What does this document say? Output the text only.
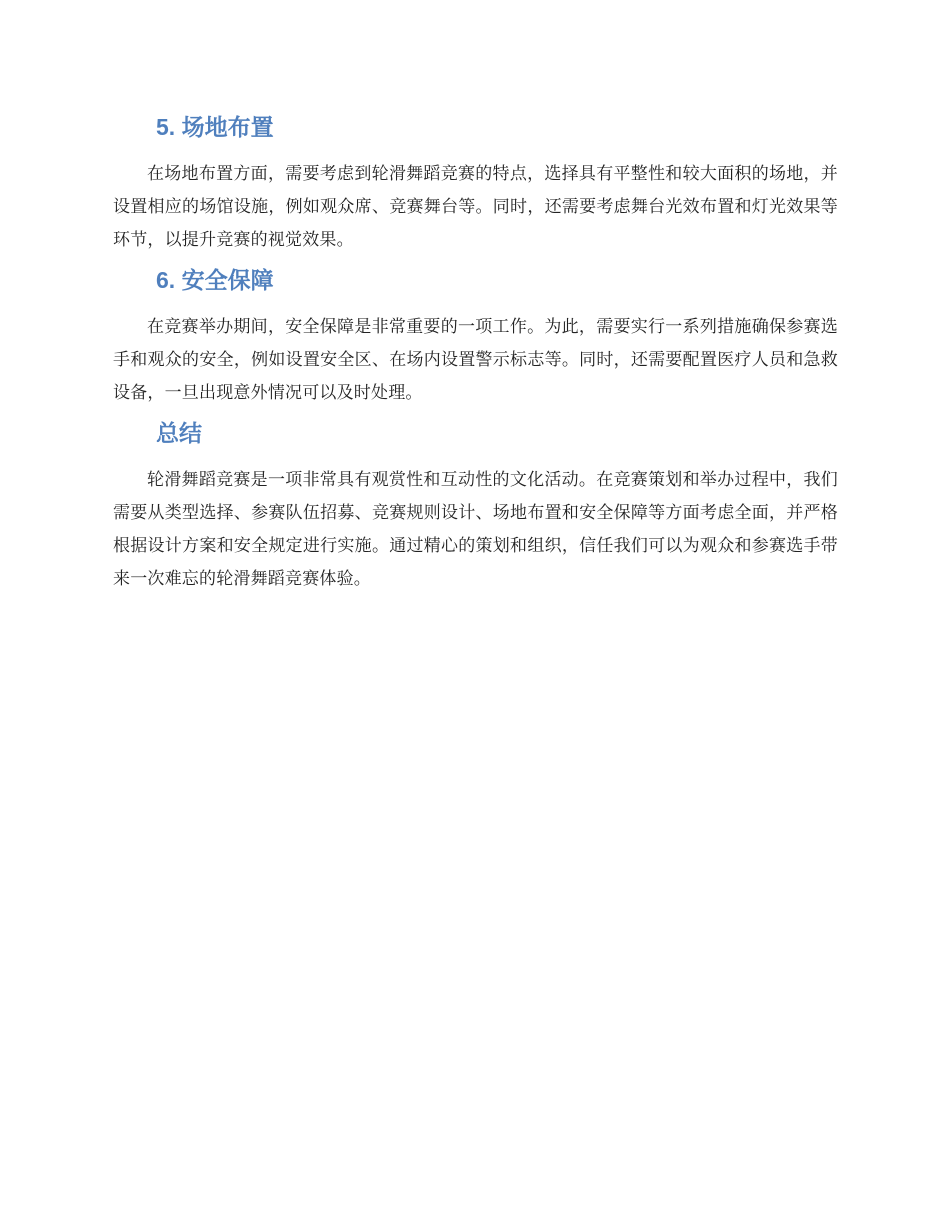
5. 场地布置

在场地布置方面，需要考虑到轮滑舞蹈竞赛的特点，选择具有平整性和较大面积的场地，并设置相应的场馆设施，例如观众席、竞赛舞台等。同时，还需要考虑舞台光效布置和灯光效果等环节，以提升竞赛的视觉效果。

6. 安全保障

在竞赛举办期间，安全保障是非常重要的一项工作。为此，需要实行一系列措施确保参赛选手和观众的安全，例如设置安全区、在场内设置警示标志等。同时，还需要配置医疗人员和急救设备，一旦出现意外情况可以及时处理。

总结

轮滑舞蹈竞赛是一项非常具有观赏性和互动性的文化活动。在竞赛策划和举办过程中，我们需要从类型选择、参赛队伍招募、竞赛规则设计、场地布置和安全保障等方面考虑全面，并严格根据设计方案和安全规定进行实施。通过精心的策划和组织，信任我们可以为观众和参赛选手带来一次难忘的轮滑舞蹈竞赛体验。
